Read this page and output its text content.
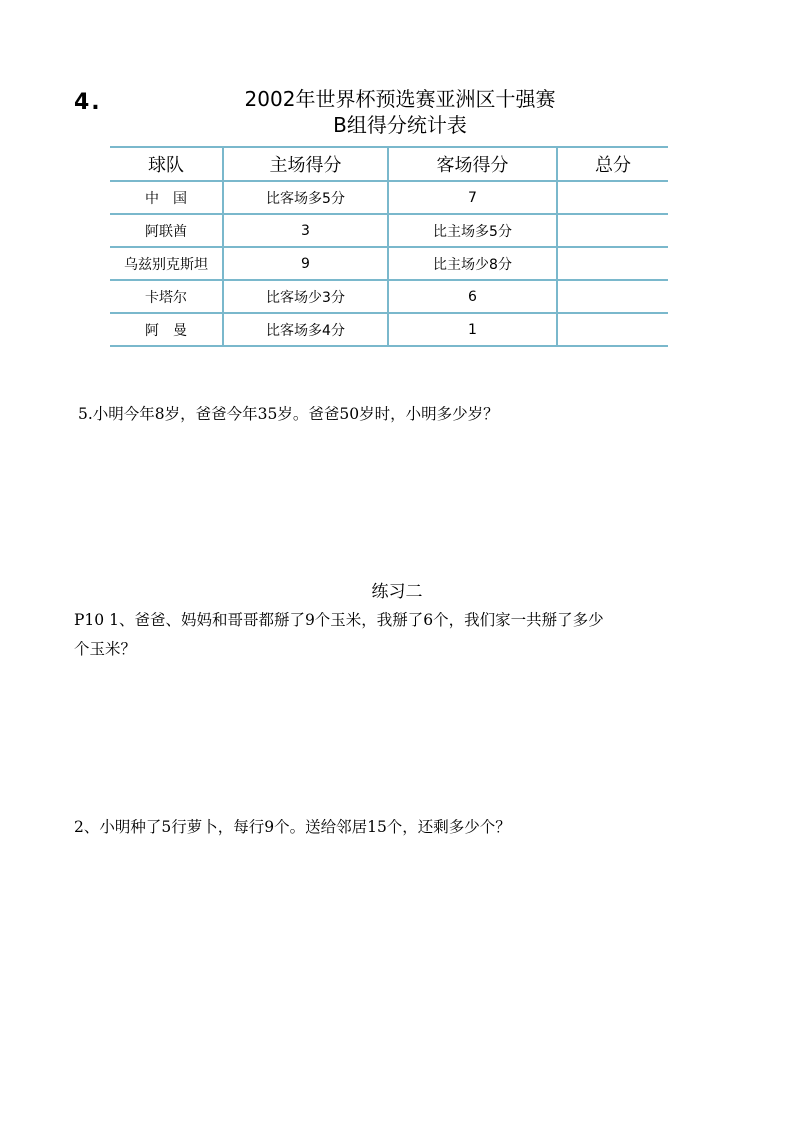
4.	2002年世界杯预选赛亚洲区十强赛
B组得分统计表
球队	主场得分	客场得分	总分
中　国	比客场多5分	7	
阿联酋	3	比主场多5分	
乌兹别克斯坦	9	比主场少8分	
卡塔尔	比客场少3分	6	
阿　曼	比客场多4分	1	
5.小明今年8岁，爸爸今年35岁。爸爸50岁时，小明多少岁？
练习二
P10 1、爸爸、妈妈和哥哥都掰了9个玉米，我掰了6个，我们家一共掰了多少
个玉米？
2、小明种了5行萝卜，每行9个。送给邻居15个，还剩多少个？
